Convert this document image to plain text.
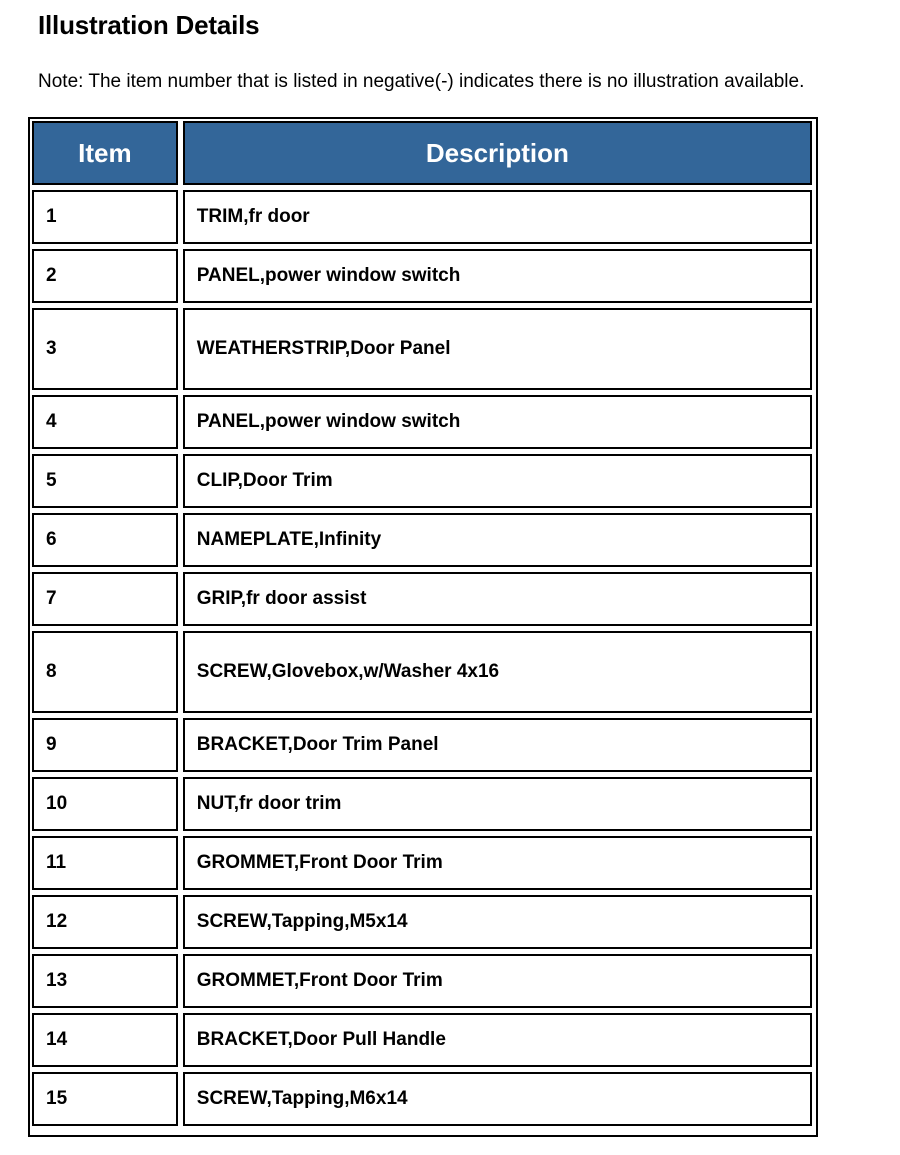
Illustration Details

Note: The item number that is listed in negative(-) indicates there is no illustration available.

Item	Description
1	TRIM,fr door
2	PANEL,power window switch
3	WEATHERSTRIP,Door Panel
4	PANEL,power window switch
5	CLIP,Door Trim
6	NAMEPLATE,Infinity
7	GRIP,fr door assist
8	SCREW,Glovebox,w/Washer 4x16
9	BRACKET,Door Trim Panel
10	NUT,fr door trim
11	GROMMET,Front Door Trim
12	SCREW,Tapping,M5x14
13	GROMMET,Front Door Trim
14	BRACKET,Door Pull Handle
15	SCREW,Tapping,M6x14
